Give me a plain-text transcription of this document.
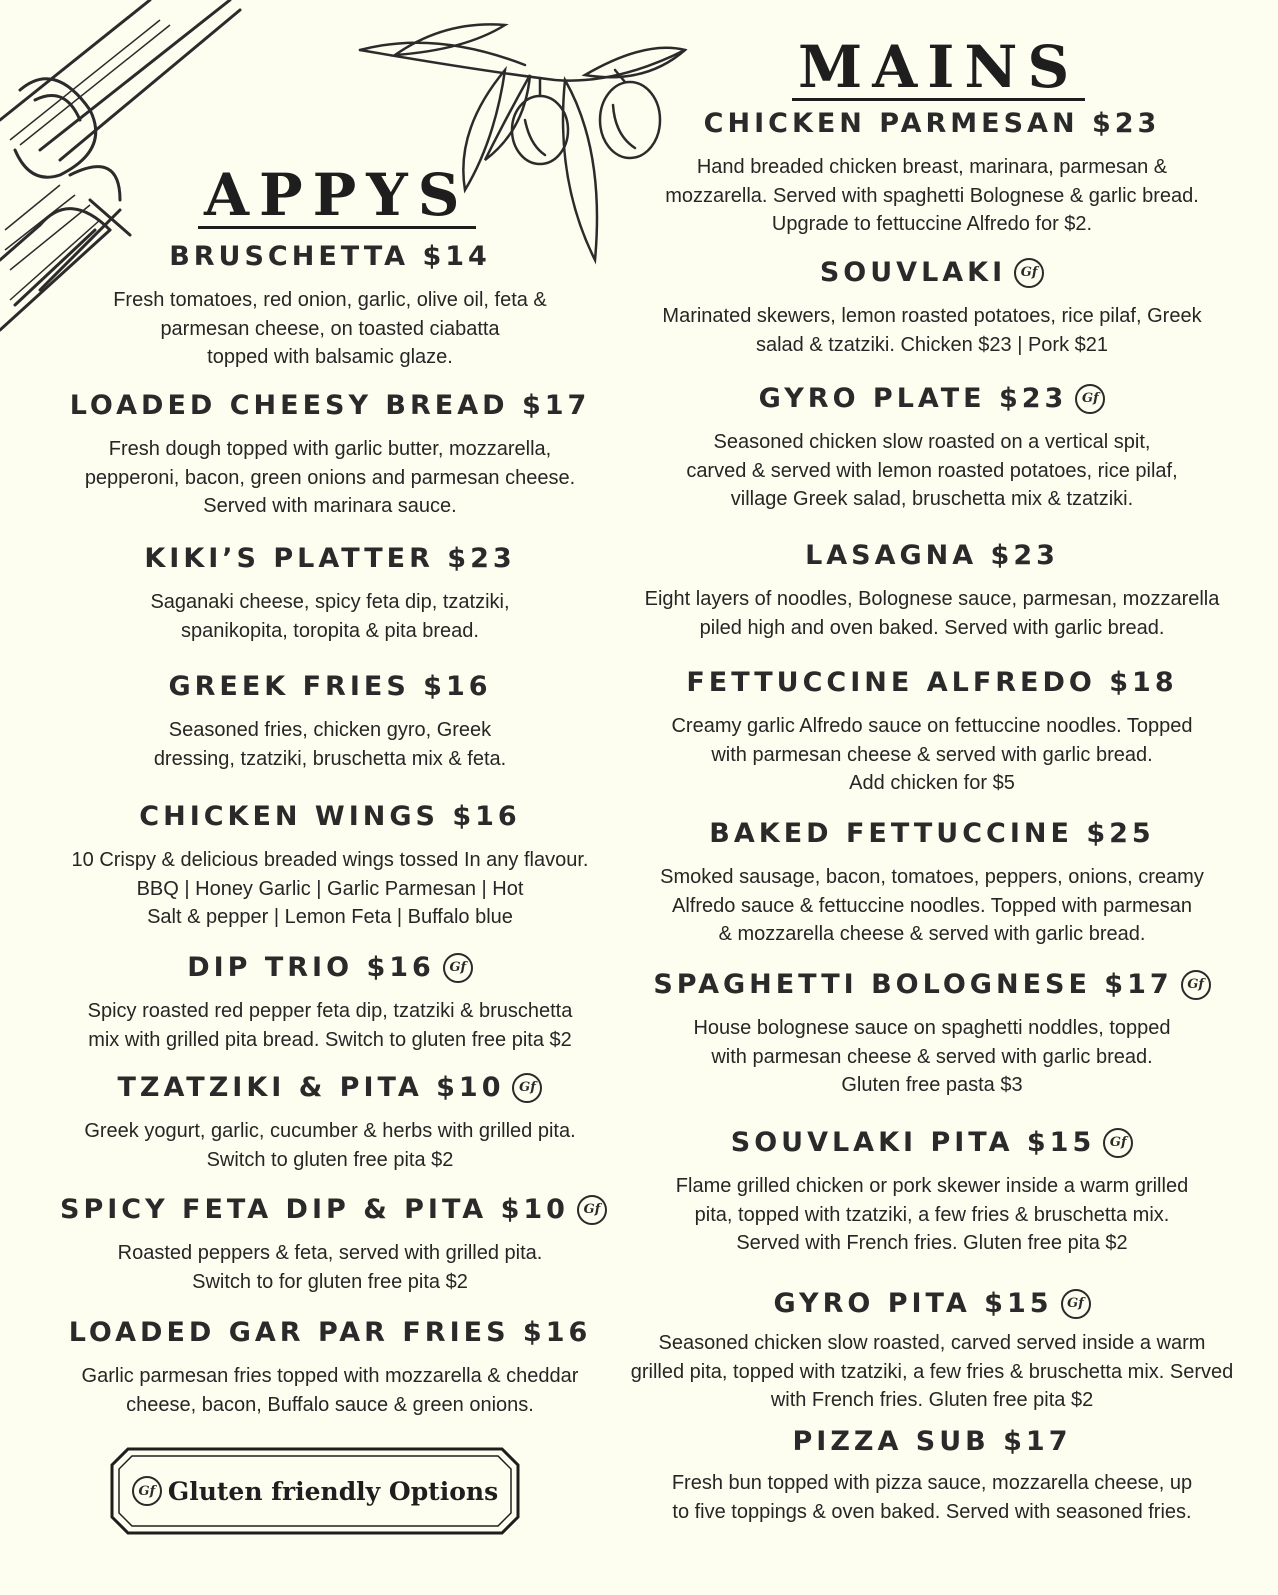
APPYS
BRUSCHETTA $14
Fresh tomatoes, red onion, garlic, olive oil, feta &
parmesan cheese, on toasted ciabatta
topped with balsamic glaze.
LOADED CHEESY BREAD $17
Fresh dough topped with garlic butter, mozzarella,
pepperoni, bacon, green onions and parmesan cheese.
Served with marinara sauce.
KIKI’S PLATTER $23
Saganaki cheese, spicy feta dip, tzatziki,
spanikopita, toropita & pita bread.
GREEK FRIES $16
Seasoned fries, chicken gyro, Greek
dressing, tzatziki, bruschetta mix & feta.
CHICKEN WINGS $16
10 Crispy & delicious breaded wings tossed In any flavour.
BBQ | Honey Garlic | Garlic Parmesan | Hot
Salt & pepper | Lemon Feta | Buffalo blue
DIP TRIO $16	Gf
Spicy roasted red pepper feta dip, tzatziki & bruschetta
mix with grilled pita bread. Switch to gluten free pita $2
TZATZIKI & PITA $10	Gf
Greek yogurt, garlic, cucumber & herbs with grilled pita.
Switch to gluten free pita $2
SPICY FETA DIP & PITA $10	Gf
Roasted peppers & feta, served with grilled pita.
Switch to for gluten free pita $2
LOADED GAR PAR FRIES $16
Garlic parmesan fries topped with mozzarella & cheddar
cheese, bacon, Buffalo sauce & green onions.
Gf Gluten friendly Options
MAINS
CHICKEN PARMESAN $23
Hand breaded chicken breast, marinara, parmesan &
mozzarella. Served with spaghetti Bolognese & garlic bread.
Upgrade to fettuccine Alfredo for $2.
SOUVLAKI	Gf
Marinated skewers, lemon roasted potatoes, rice pilaf, Greek
salad & tzatziki. Chicken $23 | Pork $21
GYRO PLATE $23	Gf
Seasoned chicken slow roasted on a vertical spit,
carved & served with lemon roasted potatoes, rice pilaf,
village Greek salad, bruschetta mix & tzatziki.
LASAGNA $23
Eight layers of noodles, Bolognese sauce, parmesan, mozzarella
piled high and oven baked. Served with garlic bread.
FETTUCCINE ALFREDO $18
Creamy garlic Alfredo sauce on fettuccine noodles. Topped
with parmesan cheese & served with garlic bread.
Add chicken for $5
BAKED FETTUCCINE $25
Smoked sausage, bacon, tomatoes, peppers, onions, creamy
Alfredo sauce & fettuccine noodles. Topped with parmesan
& mozzarella cheese & served with garlic bread.
SPAGHETTI BOLOGNESE $17	Gf
House bolognese sauce on spaghetti noddles, topped
with parmesan cheese & served with garlic bread.
Gluten free pasta $3
SOUVLAKI PITA $15	Gf
Flame grilled chicken or pork skewer inside a warm grilled
pita, topped with tzatziki, a few fries & bruschetta mix.
Served with French fries. Gluten free pita $2
GYRO PITA $15	Gf
Seasoned chicken slow roasted, carved served inside a warm
grilled pita, topped with tzatziki, a few fries & bruschetta mix. Served
with French fries. Gluten free pita $2
PIZZA SUB $17
Fresh bun topped with pizza sauce, mozzarella cheese, up
to five toppings & oven baked. Served with seasoned fries.
